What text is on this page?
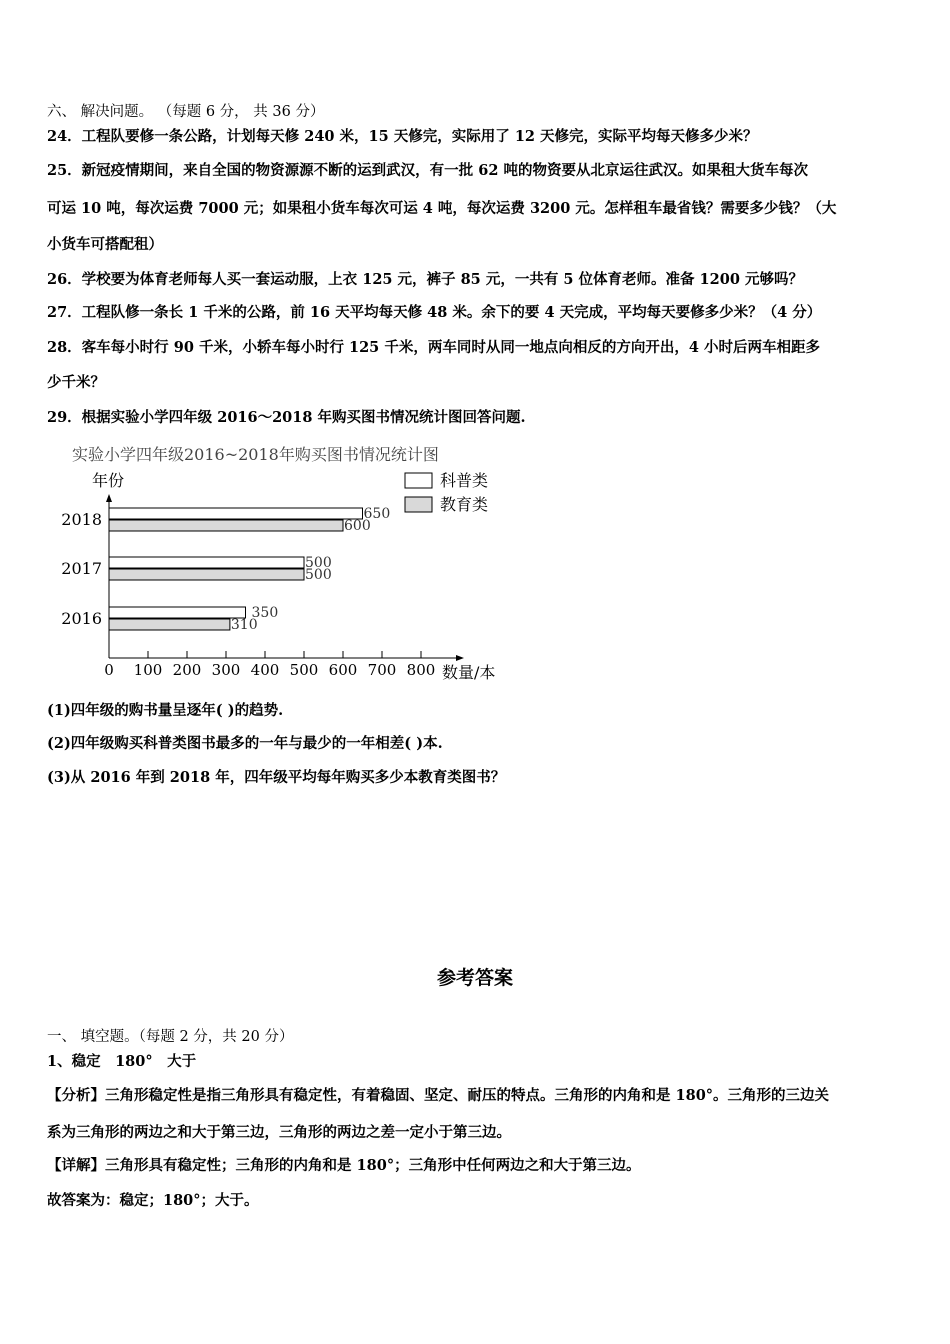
六、 解决问题。 （每题 6 分， 共 36 分）
24．工程队要修一条公路，计划每天修 240 米，15 天修完，实际用了 12 天修完，实际平均每天修多少米？
25．新冠疫情期间，来自全国的物资源源不断的运到武汉，有一批 62 吨的物资要从北京运往武汉。如果租大货车每次
可运 10 吨，每次运费 7000 元；如果租小货车每次可运 4 吨，每次运费 3200 元。怎样租车最省钱？需要多少钱？（大
小货车可搭配租）
26．学校要为体育老师每人买一套运动服，上衣 125 元，裤子 85 元，一共有 5 位体育老师。准备 1200 元够吗？
27．工程队修一条长 1 千米的公路，前 16 天平均每天修 48 米。余下的要 4 天完成，平均每天要修多少米？（4 分）
28．客车每小时行 90 千米，小轿车每小时行 125 千米，两车同时从同一地点向相反的方向开出，4 小时后两车相距多
少千米？
29．根据实验小学四年级 2016～2018 年购买图书情况统计图回答问题.
实验小学四年级2016~2018年购买图书情况统计图
年份
数量/本
0 100 200 300 400 500 600 700 800
2018	650
600
2017	500
500
2016	350
310
科普类
教育类
(1)四年级的购书量呈逐年( )的趋势.
(2)四年级购买科普类图书最多的一年与最少的一年相差( )本.
(3)从 2016 年到 2018 年，四年级平均每年购买多少本教育类图书？
参考答案
一、 填空题。（每题 2 分，共 20 分）
1、稳定　180°　大于
【分析】三角形稳定性是指三角形具有稳定性，有着稳固、坚定、耐压的特点。三角形的内角和是 180°。三角形的三边关
系为三角形的两边之和大于第三边，三角形的两边之差一定小于第三边。
【详解】三角形具有稳定性；三角形的内角和是 180°；三角形中任何两边之和大于第三边。
故答案为：稳定；180°；大于。
